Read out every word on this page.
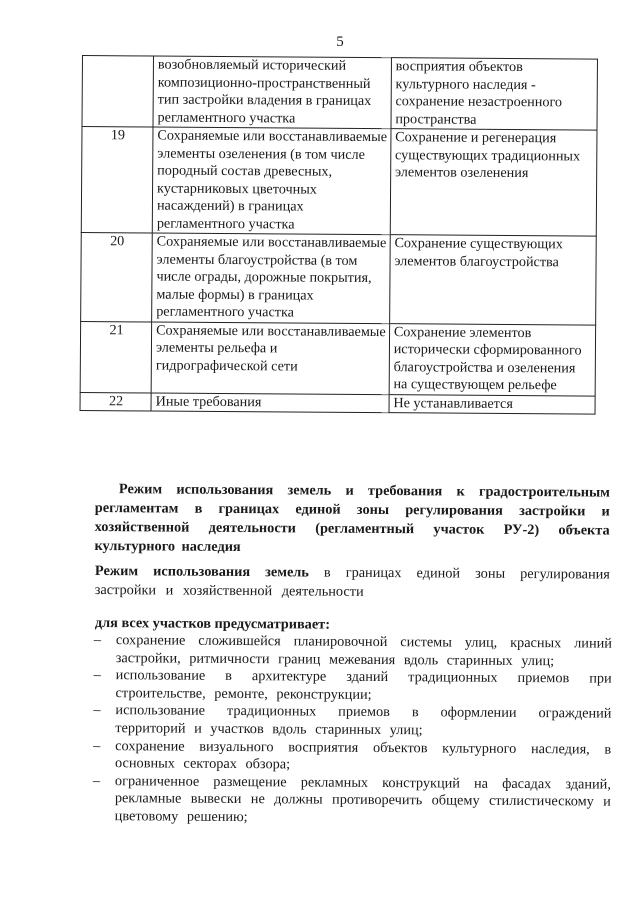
5
	возобновляемый исторический композиционно-пространственный тип застройки владения в границах регламентного участка	восприятия объектов культурного наследия - сохранение незастроенного пространства
19	Сохраняемые или восстанавливаемые элементы озеленения (в том числе породный состав древесных, кустарниковых цветочных насаждений) в границах регламентного участка	Сохранение и регенерация существующих традиционных элементов озеленения
20	Сохраняемые или восстанавливаемые элементы благоустройства (в том числе ограды, дорожные покрытия, малые формы) в границах регламентного участка	Сохранение существующих элементов благоустройства
21	Сохраняемые или восстанавливаемые элементы рельефа и гидрографической сети	Сохранение элементов исторически сформированного благоустройства и озеленения на существующем рельефе
22	Иные требования	Не устанавливается
Режим использования земель и требования к градостроительным регламентам в границах единой зоны регулирования застройки и хозяйственной деятельности (регламентный участок РУ-2) объекта культурного наследия
Режим использования земель в границах единой зоны регулирования застройки и хозяйственной деятельности
для всех участков предусматривает:
– сохранение сложившейся планировочной системы улиц, красных линий застройки, ритмичности границ межевания вдоль старинных улиц;
– использование в архитектуре зданий традиционных приемов при строительстве, ремонте, реконструкции;
– использование традиционных приемов в оформлении ограждений территорий и участков вдоль старинных улиц;
– сохранение визуального восприятия объектов культурного наследия, в основных секторах обзора;
– ограниченное размещение рекламных конструкций на фасадах зданий, рекламные вывески не должны противоречить общему стилистическому и цветовому решению;
